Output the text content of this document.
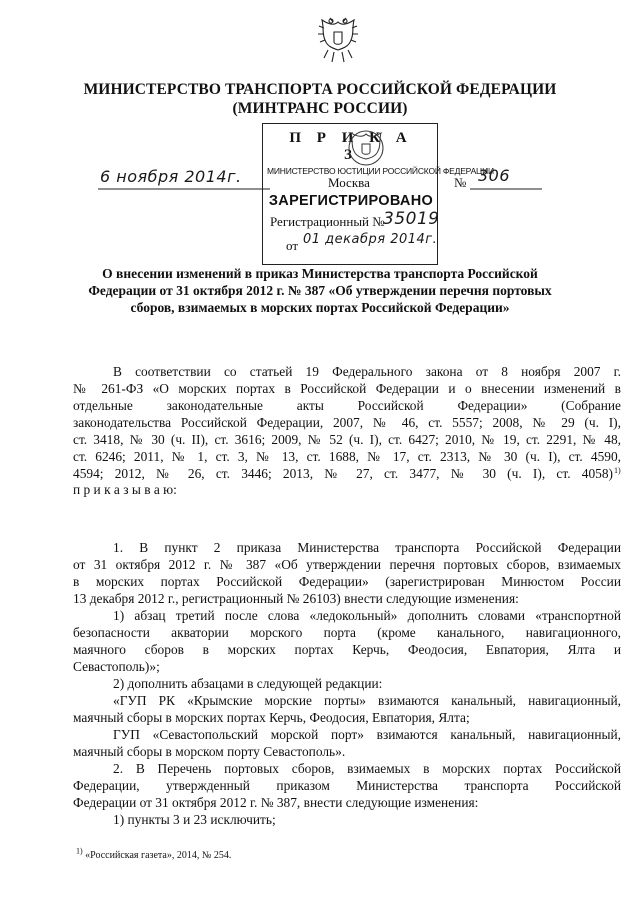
МИНИСТЕРСТВО ТРАНСПОРТА РОССИЙСКОЙ ФЕДЕРАЦИИ
(МИНТРАНС РОССИИ)
П Р И К А З
МИНИСТЕРСТВО ЮСТИЦИИ РОССИЙСКОЙ ФЕДЕРАЦИИ
Москва	№
ЗАРЕГИСТРИРОВАНО
Регистрационный №
35019
от 01 декабря 2014г.
6 ноября 2014г.	306
О внесении изменений в приказ Министерства транспорта Российской
Федерации от 31 октября 2012 г. № 387 «Об утверждении перечня портовых
сборов, взимаемых в морских портах Российской Федерации»
В соответствии со статьей 19 Федерального закона от 8 ноября 2007 г.
№ 261-ФЗ «О морских портах в Российской Федерации и о внесении изменений в
отдельные законодательные акты Российской Федерации» (Собрание
законодательства Российской Федерации, 2007, № 46, ст. 5557; 2008, № 29 (ч. I),
ст. 3418, № 30 (ч. II), ст. 3616; 2009, № 52 (ч. I), ст. 6427; 2010, № 19, ст. 2291, № 48,
ст. 6246; 2011, № 1, ст. 3, № 13, ст. 1688, № 17, ст. 2313, № 30 (ч. I), ст. 4590,
4594; 2012, № 26, ст. 3446; 2013, № 27, ст. 3477, № 30 (ч. I), ст. 4058) 1)
п р и к а з ы в а ю:
1. В пункт 2 приказа Министерства транспорта Российской Федерации
от 31 октября 2012 г. № 387 «Об утверждении перечня портовых сборов, взимаемых
в морских портах Российской Федерации» (зарегистрирован Минюстом России
13 декабря 2012 г., регистрационный № 26103) внести следующие изменения:
1) абзац третий после слова «ледокольный» дополнить словами «транспортной
безопасности акватории морского порта (кроме канального, навигационного,
маячного сборов в морских портах Керчь, Феодосия, Евпатория, Ялта и
Севастополь)»;
2) дополнить абзацами в следующей редакции:
«ГУП РК «Крымские морские порты» взимаются канальный, навигационный,
маячный сборы в морских портах Керчь, Феодосия, Евпатория, Ялта;
ГУП «Севастопольский морской порт» взимаются канальный, навигационный,
маячный сборы в морском порту Севастополь».
2. В Перечень портовых сборов, взимаемых в морских портах Российской
Федерации, утвержденный приказом Министерства транспорта Российской
Федерации от 31 октября 2012 г. № 387, внести следующие изменения:
1) пункты 3 и 23 исключить;
$^{1)}$ «Российская газета», 2014, № 254.
